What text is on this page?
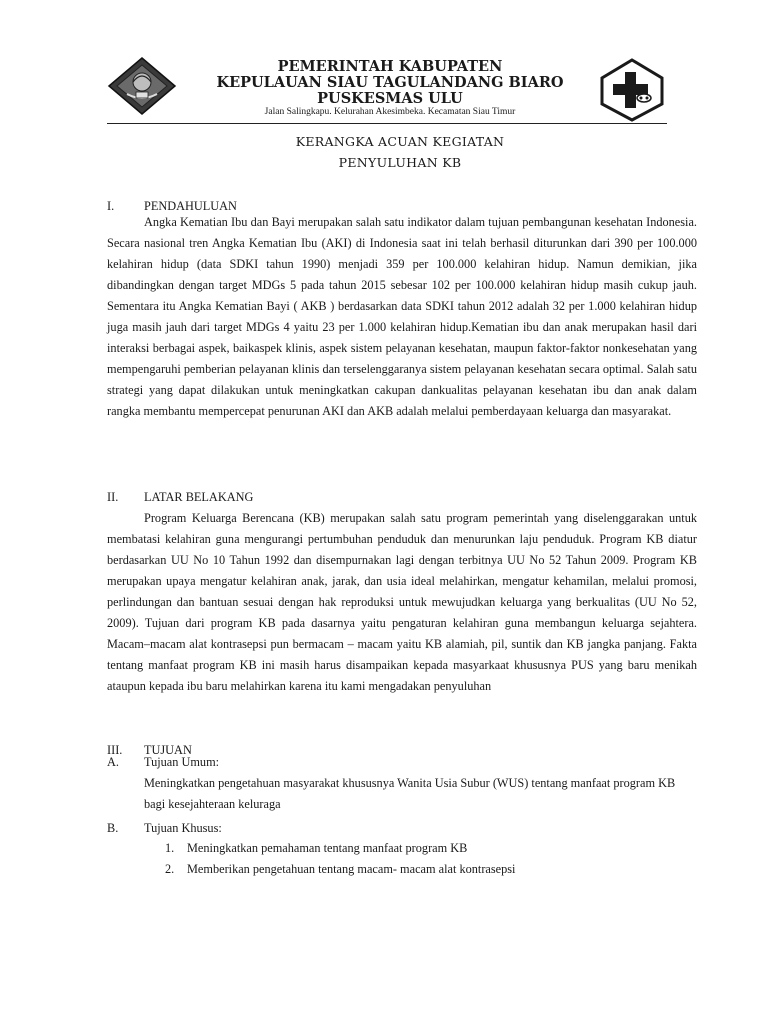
PEMERINTAH KABUPATEN
KEPULAUAN SIAU TAGULANDANG BIARO
PUSKESMAS ULU
Jalan Salingkapu. Kelurahan Akesimbeka. Kecamatan Siau Timur
KERANGKA ACUAN KEGIATAN
PENYULUHAN KB
I. PENDAHULUAN
Angka Kematian Ibu dan Bayi merupakan salah satu indikator dalam tujuan pembangunan kesehatan Indonesia. Secara nasional tren Angka Kematian Ibu (AKI) di Indonesia saat ini telah berhasil diturunkan dari 390 per 100.000 kelahiran hidup (data SDKI tahun 1990) menjadi 359 per 100.000 kelahiran hidup. Namun demikian, jika dibandingkan dengan target MDGs 5 pada tahun 2015 sebesar 102 per 100.000 kelahiran hidup masih cukup jauh. Sementara itu Angka Kematian Bayi ( AKB ) berdasarkan data SDKI tahun 2012 adalah 32 per 1.000 kelahiran hidup juga masih jauh dari target MDGs 4 yaitu 23 per 1.000 kelahiran hidup.Kematian ibu dan anak merupakan hasil dari interaksi berbagai aspek, baikaspek klinis, aspek sistem pelayanan kesehatan, maupun faktor-faktor nonkesehatan yang mempengaruhi pemberian pelayanan klinis dan terselenggaranya sistem pelayanan kesehatan secara optimal. Salah satu strategi yang dapat dilakukan untuk meningkatkan cakupan dankualitas pelayanan kesehatan ibu dan anak dalam rangka membantu mempercepat penurunan AKI dan AKB adalah melalui pemberdayaan keluarga dan masyarakat.
II. LATAR BELAKANG
Program Keluarga Berencana (KB) merupakan salah satu program pemerintah yang diselenggarakan untuk membatasi kelahiran guna mengurangi pertumbuhan penduduk dan menurunkan laju penduduk. Program KB diatur berdasarkan UU No 10 Tahun 1992 dan disempurnakan lagi dengan terbitnya UU No 52 Tahun 2009. Program KB merupakan upaya mengatur kelahiran anak, jarak, dan usia ideal melahirkan, mengatur kehamilan, melalui promosi, perlindungan dan bantuan sesuai dengan hak reproduksi untuk mewujudkan keluarga yang berkualitas (UU No 52, 2009). Tujuan dari program KB pada dasarnya yaitu pengaturan kelahiran guna membangun keluarga sejahtera. Macam–macam alat kontrasepsi pun bermacam – macam yaitu KB alamiah, pil, suntik dan KB jangka panjang. Fakta tentang manfaat program KB ini masih harus disampaikan kepada masyarkaat khususnya PUS yang baru menikah ataupun kepada ibu baru melahirkan karena itu kami mengadakan penyuluhan
III. TUJUAN
A. Tujuan Umum:
Meningkatkan pengetahuan masyarakat khususnya Wanita Usia Subur (WUS) tentang manfaat program KB bagi kesejahteraan keluraga
B. Tujuan Khusus:
1. Meningkatkan pemahaman tentang manfaat program KB
2. Memberikan pengetahuan tentang macam- macam alat kontrasepsi
